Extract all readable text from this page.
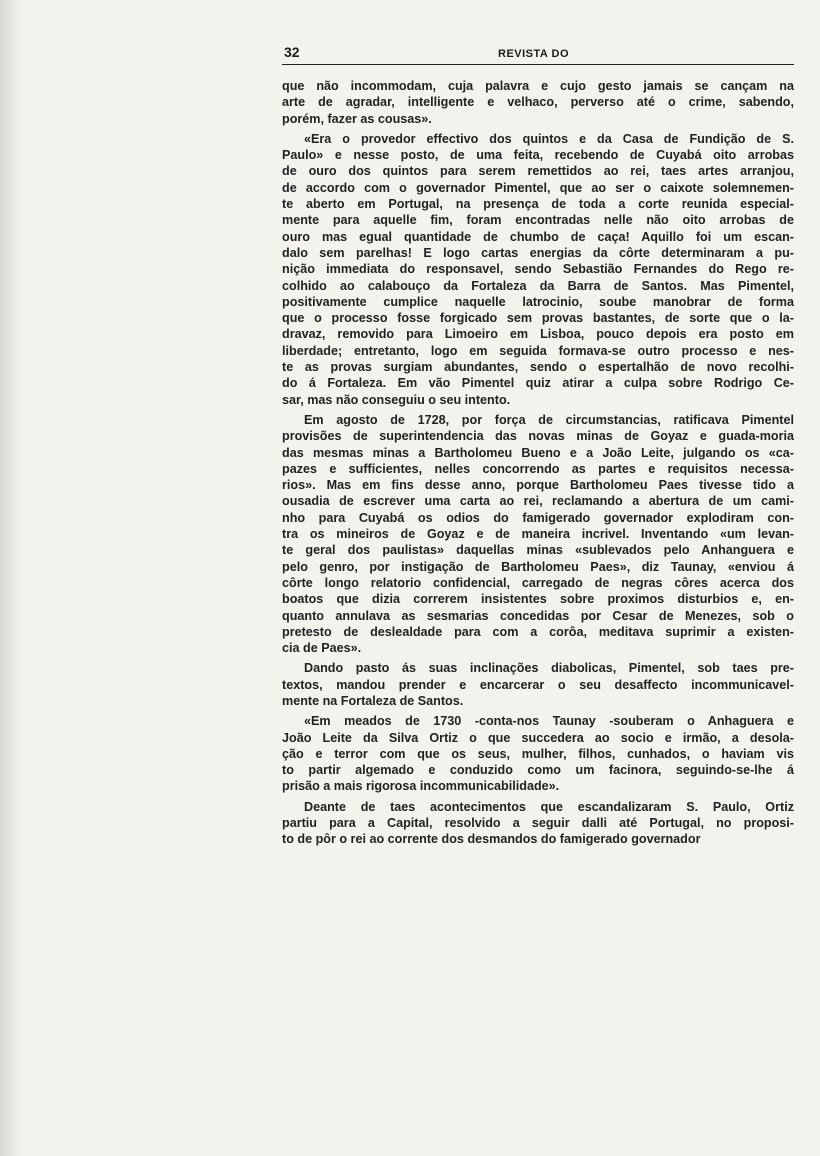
32	REVISTA DO

que não incommodam, cuja palavra e cujo gesto jamais se cançam na

arte de agradar, intelligente e velhaco, perverso até o crime, sabendo,

porém, fazer as cousas».

«Era o provedor effectivo dos quintos e da Casa de Fundição de S.

Paulo» e nesse posto, de uma feita, recebendo de Cuyabá oito arrobas

de ouro dos quintos para serem remettidos ao rei, taes artes arranjou,

de accordo com o governador Pimentel, que ao ser o caixote solemnemen-

te aberto em Portugal, na presença de toda a corte reunida especial-

mente para aquelle fim, foram encontradas nelle não oito arrobas de

ouro mas egual quantidade de chumbo de caça! Aquillo foi um escan-

dalo sem parelhas! E logo cartas energias da côrte determinaram a pu-

nição immediata do responsavel, sendo Sebastião Fernandes do Rego re-

colhido ao calabouço da Fortaleza da Barra de Santos. Mas Pimentel,

positivamente cumplice naquelle latrocinio, soube manobrar de forma

que o processo fosse forgicado sem provas bastantes, de sorte que o la-

dravaz, removido para Limoeiro em Lisboa, pouco depois era posto em

liberdade; entretanto, logo em seguida formava-se outro processo e nes-

te as provas surgiam abundantes, sendo o espertalhão de novo recolhi-

do á Fortaleza. Em vão Pimentel quiz atirar a culpa sobre Rodrigo Ce-

sar, mas não conseguiu o seu intento.

Em agosto de 1728, por força de circumstancias, ratificava Pimentel

provisões de superintendencia das novas minas de Goyaz e guada-moria

das mesmas minas a Bartholomeu Bueno e a João Leite, julgando os «ca-

pazes e sufficientes, nelles concorrendo as partes e requisitos necessa-

rios». Mas em fins desse anno, porque Bartholomeu Paes tivesse tido a

ousadia de escrever uma carta ao rei, reclamando a abertura de um cami-

nho para Cuyabá os odios do famigerado governador explodiram con-

tra os mineiros de Goyaz e de maneira incrivel. Inventando «um levan-

te geral dos paulistas» daquellas minas «sublevados pelo Anhanguera e

pelo genro, por instigação de Bartholomeu Paes», diz Taunay, «enviou á

côrte longo relatorio confidencial, carregado de negras côres acerca dos

boatos que dizia correrem insistentes sobre proximos disturbios e, en-

quanto annulava as sesmarias concedidas por Cesar de Menezes, sob o

pretesto de deslealdade para com a corôa, meditava suprimir a existen-

cia de Paes».

Dando pasto ás suas inclinações diabolicas, Pimentel, sob taes pre-

textos, mandou prender e encarcerar o seu desaffecto incommunicavel-

mente na Fortaleza de Santos.

«Em meados de 1730 -conta-nos Taunay -souberam o Anhaguera e

João Leite da Silva Ortiz o que succedera ao socio e irmão, a desola-

ção e terror com que os seus, mulher, filhos, cunhados, o haviam vis

to partir algemado e conduzido como um facinora, seguindo-se-lhe á

prisão a mais rigorosa incommunicabilidade».

Deante de taes acontecimentos que escandalizaram S. Paulo, Ortiz

partiu para a Capital, resolvido a seguir dalli até Portugal, no proposi-

to de pôr o rei ao corrente dos desmandos do famigerado governador
